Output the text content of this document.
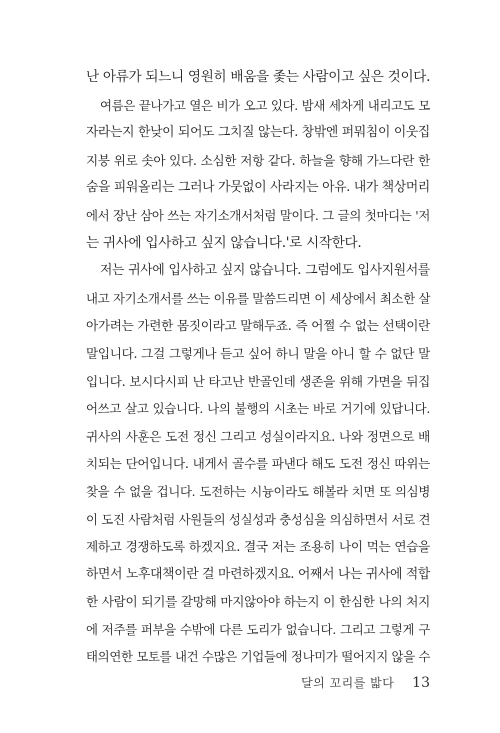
난 아류가 되느니 영원히 배움을 좇는 사람이고 싶은 것이다.
여름은 끝나가고 열은 비가 오고 있다. 밤새 세차게 내리고도 모
자라는지 한낮이 되어도 그치질 않는다. 창밖엔 퍼뭐침이 이웃집
지붕 위로 솟아 있다. 소심한 저항 같다. 하늘을 향해 가느다란 한
숨을 피워올리는 그러나 가뭇없이 사라지는 아유. 내가 책상머리
에서 장난 삼아 쓰는 자기소개서처럼 말이다. 그 글의 첫마디는 '저
는 귀사에 입사하고 싶지 않습니다.'로 시작한다.
저는 귀사에 입사하고 싶지 않습니다. 그럼에도 입사지원서를
내고 자기소개서를 쓰는 이유를 말씀드리면 이 세상에서 최소한 살
아가려는 가련한 몸짓이라고 말해두죠. 즉 어쩔 수 없는 선택이란
말입니다. 그걸 그렇게나 듣고 싶어 하니 말을 아니 할 수 없단 말
입니다. 보시다시피 난 타고난 반골인데 생존을 위해 가면을 뒤집
어쓰고 살고 있습니다. 나의 불행의 시초는 바로 거기에 있답니다.
귀사의 사훈은 도전 정신 그리고 성실이라지요. 나와 정면으로 배
치되는 단어입니다. 내게서 골수를 파낸다 해도 도전 정신 따위는
찾을 수 없을 겁니다. 도전하는 시늉이라도 해볼라 치면 또 의심병
이 도진 사람처럼 사원들의 성실성과 충성심을 의심하면서 서로 견
제하고 경쟁하도록 하겠지요. 결국 저는 조용히 나이 먹는 연습을
하면서 노후대책이란 걸 마련하겠지요. 어째서 나는 귀사에 적합
한 사람이 되기를 갈망해 마지않아야 하는지 이 한심한 나의 처지
에 저주를 퍼부을 수밖에 다른 도리가 없습니다. 그리고 그렇게 구
태의연한 모토를 내건 수많은 기업들에 정나미가 떨어지지 않을 수
달의 꼬리를 밟다 13
